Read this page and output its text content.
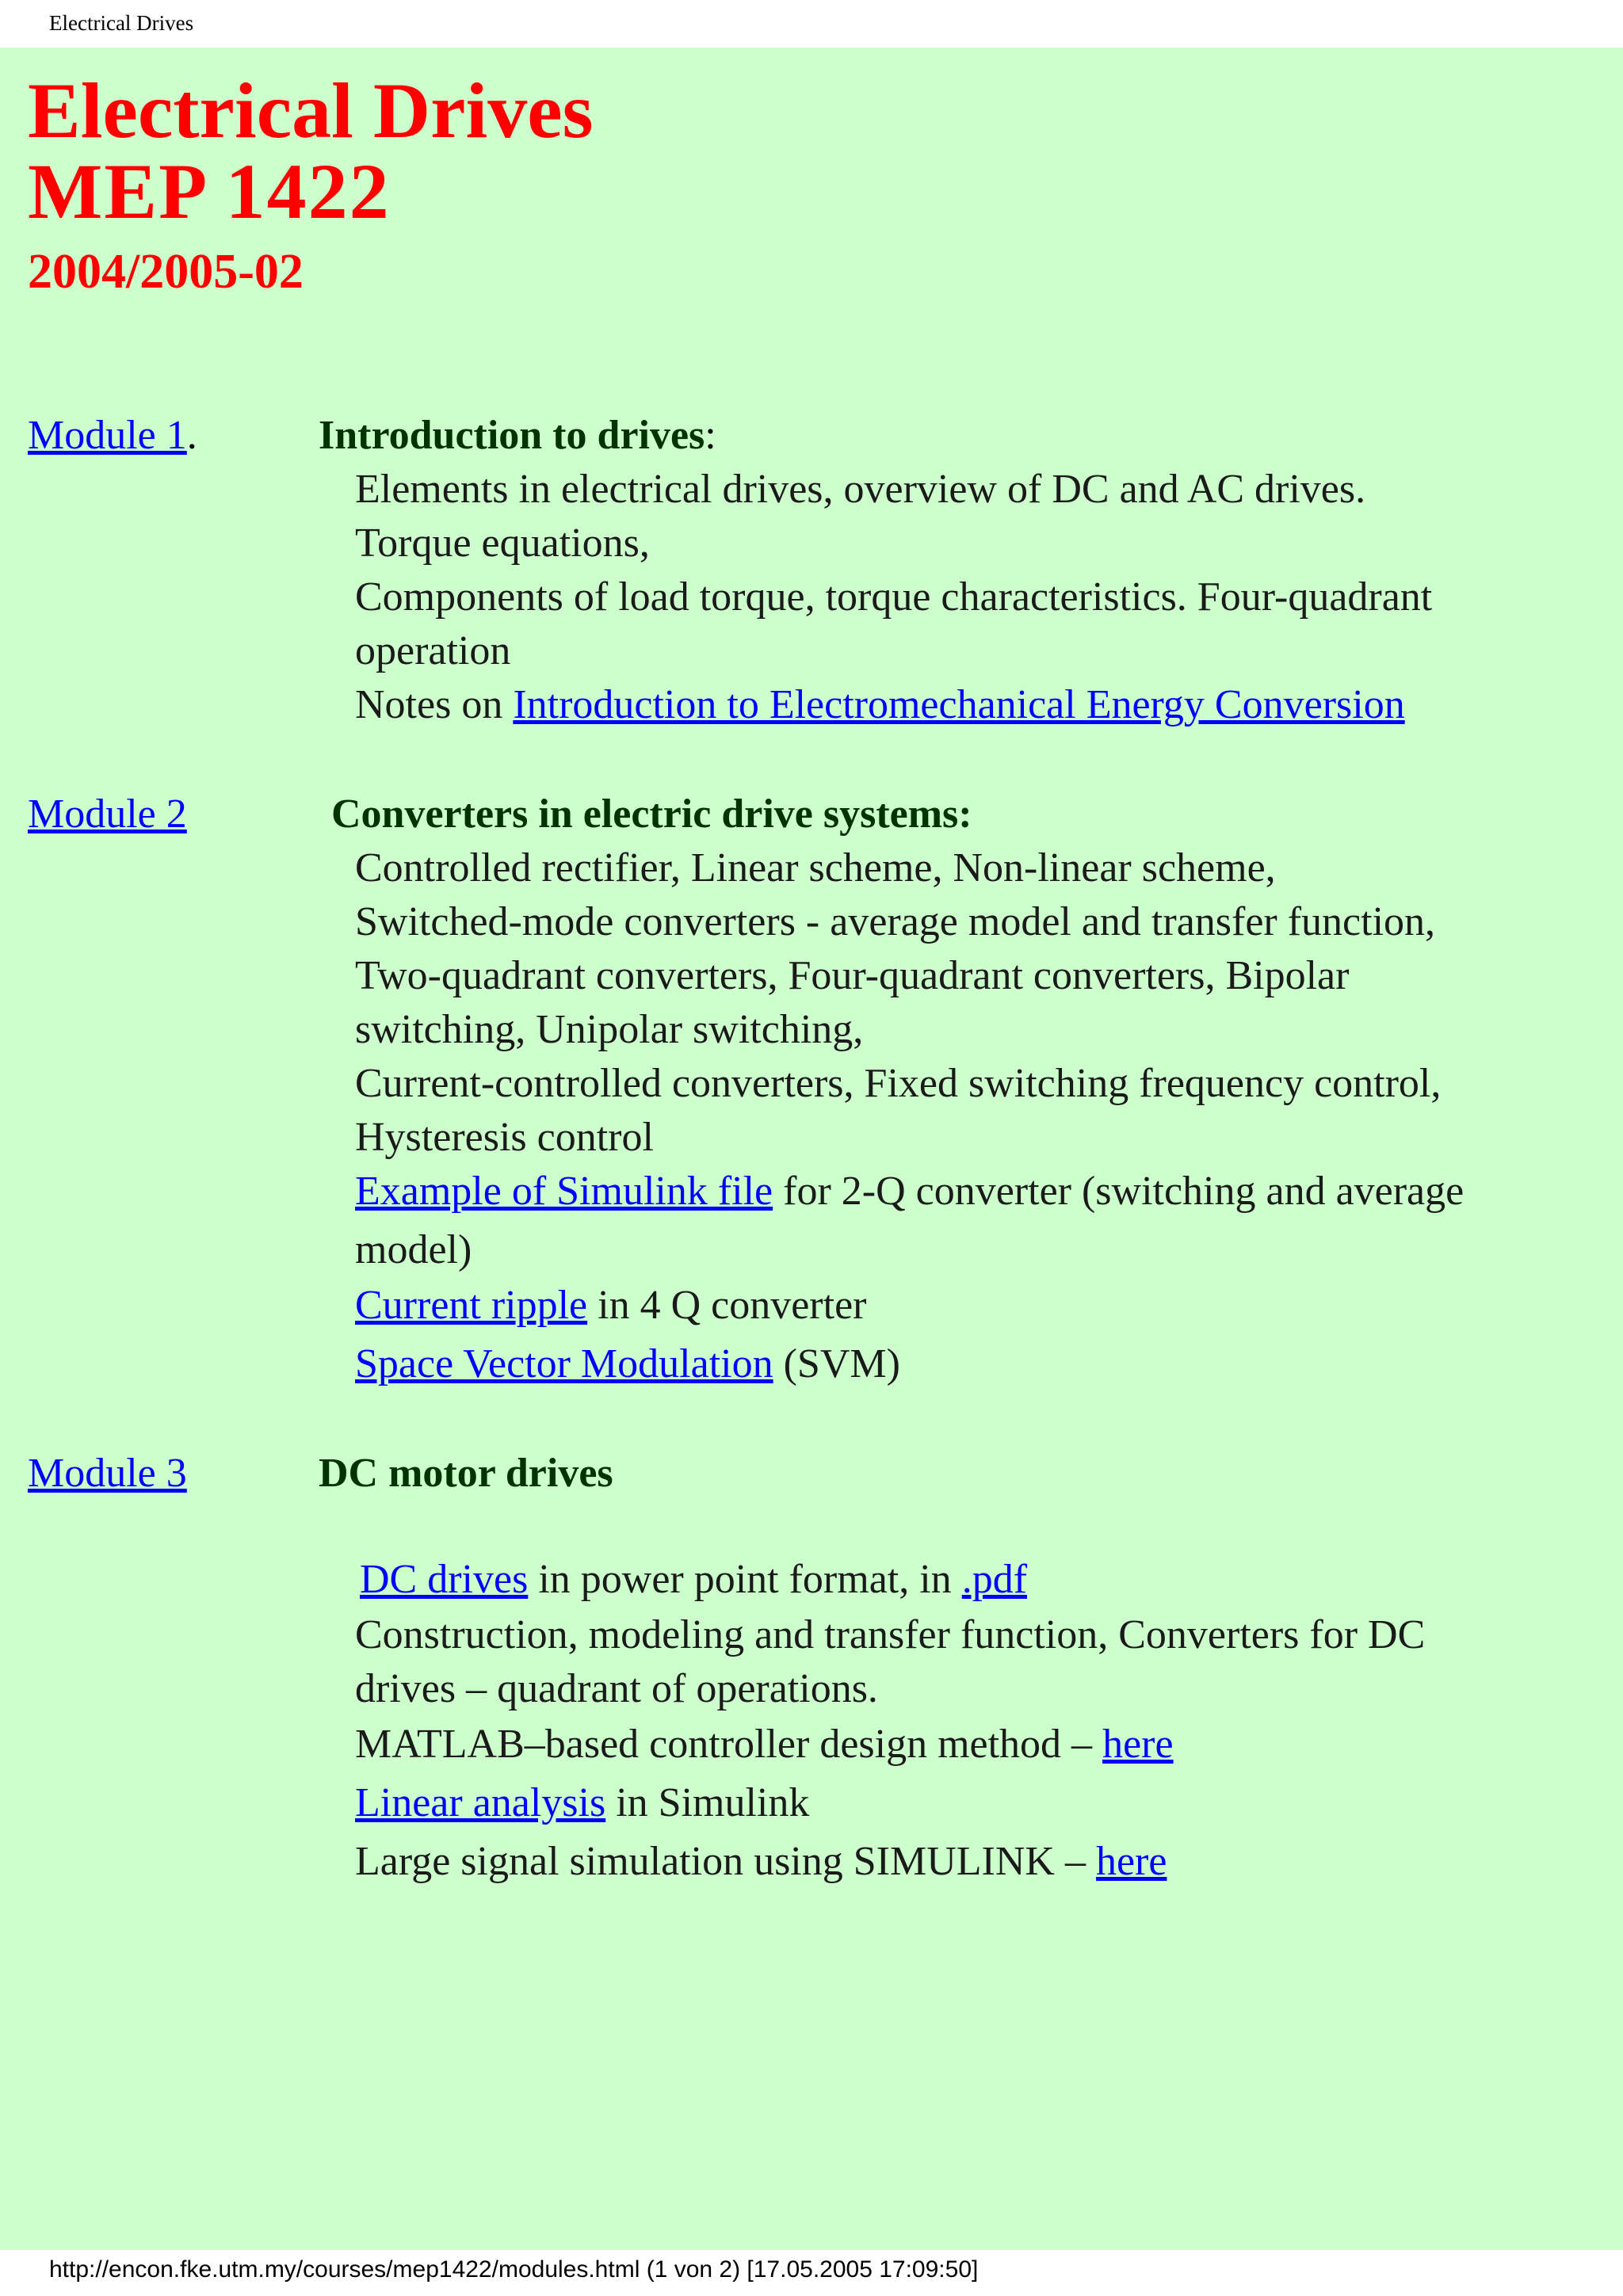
Electrical Drives
Electrical Drives
MEP 1422
2004/2005-02
Module 1.	Introduction to drives:
Elements in electrical drives, overview of DC and AC drives.
Torque equations,
Components of load torque, torque characteristics. Four-quadrant
operation
Notes on Introduction to Electromechanical Energy Conversion
Module 2	Converters in electric drive systems:
Controlled rectifier, Linear scheme, Non-linear scheme,
Switched-mode converters - average model and transfer function,
Two-quadrant converters, Four-quadrant converters, Bipolar
switching, Unipolar switching,
Current-controlled converters, Fixed switching frequency control,
Hysteresis control
Example of Simulink file for 2-Q converter (switching and average
model)
Current ripple in 4 Q converter
Space Vector Modulation (SVM)
Module 3	DC motor drives
DC drives in power point format, in .pdf
Construction, modeling and transfer function, Converters for DC
drives – quadrant of operations.
MATLAB–based controller design method – here
Linear analysis in Simulink
Large signal simulation using SIMULINK – here
http://encon.fke.utm.my/courses/mep1422/modules.html (1 von 2) [17.05.2005 17:09:50]
